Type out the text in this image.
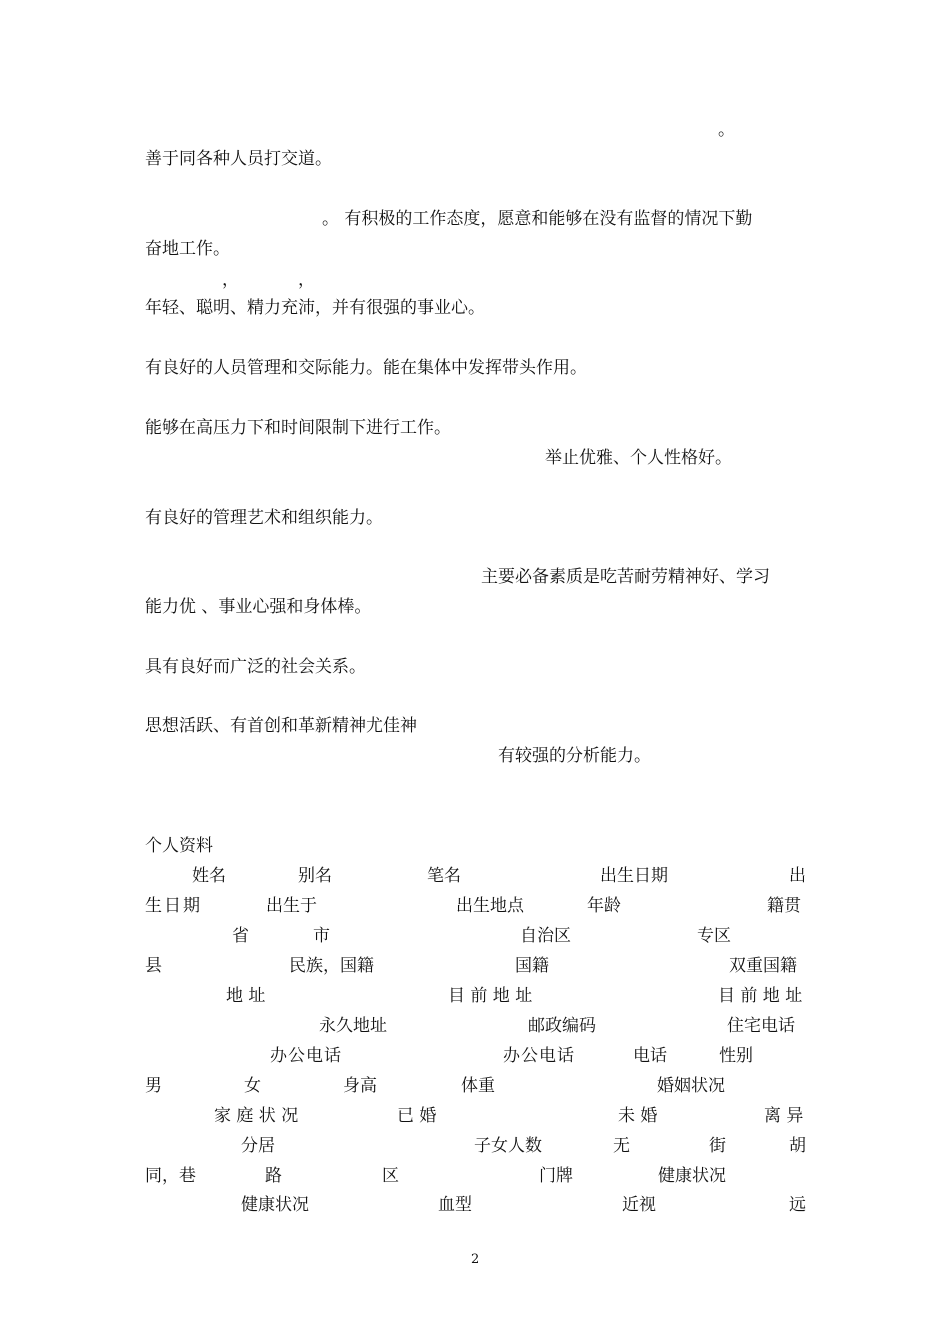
。
善于同各种人员打交道。
。 有积极的工作态度，愿意和能够在没有监督的情况下勤
奋地工作。
，	，
年轻、聪明、精力充沛，并有很强的事业心。
有良好的人员管理和交际能力。能在集体中发挥带头作用。
能够在高压力下和时间限制下进行工作。
举止优雅、个人性格好。
有良好的管理艺术和组织能力。
主要必备素质是吃苦耐劳精神好、学习
能力优 、事业心强和身体棒。
具有良好而广泛的社会关系。
思想活跃、有首创和革新精神尤佳神
有较强的分析能力。
个人资料
姓名	别名	笔名	出生日期	出
生日期	出生于	出生地点	年龄	籍贯
省	市	自治区	专区
县	民族，国籍	国籍	双重国籍
地 址	目 前 地 址	目 前 地 址
永久地址	邮政编码	住宅电话
办公电话	办公电话	电话	性别
男	女	身高	体重	婚姻状况
家 庭 状 况	已 婚	未 婚	离 异
分居	子女人数	无	街	胡
同，巷	路	区	门牌	健康状况
健康状况	血型	近视	远
2
